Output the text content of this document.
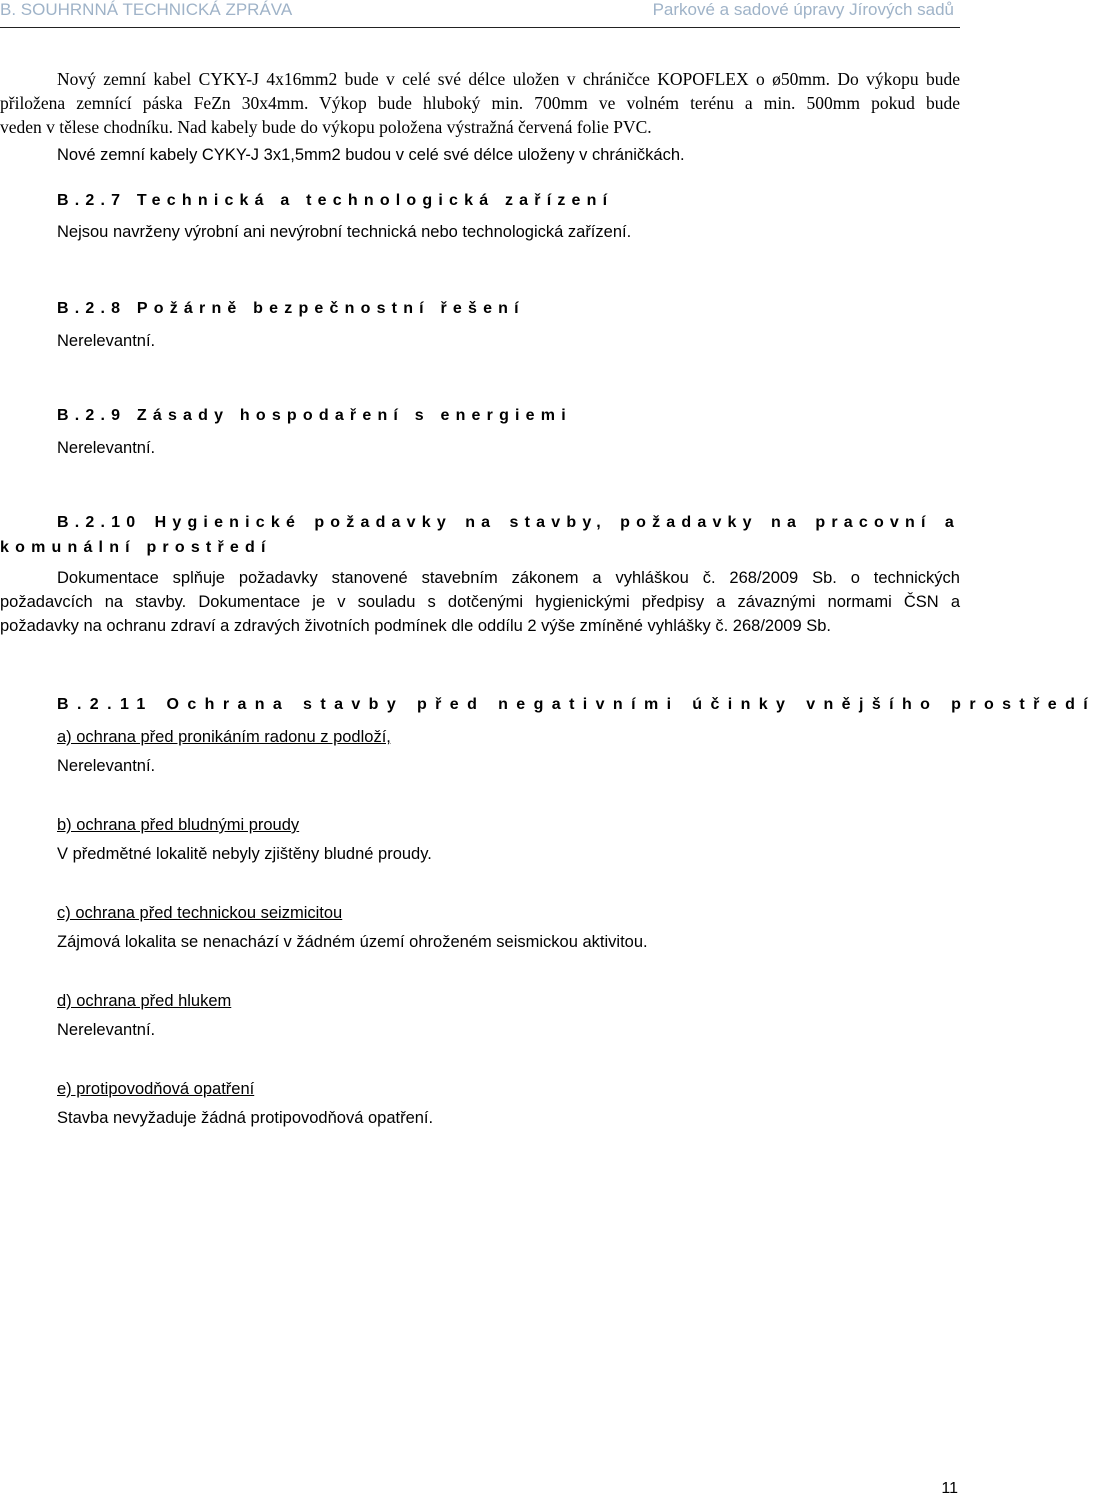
B. SOUHRNNÁ TECHNICKÁ ZPRÁVA	Parkové a sadové úpravy Jírových sadů
Nový zemní kabel CYKY-J 4x16mm2 bude v celé své délce uložen v chráničce KOPOFLEX o ø50mm. Do výkopu bude
přiložena zemnící páska FeZn 30x4mm. Výkop bude hluboký min. 700mm ve volném terénu a min. 500mm pokud bude
veden v tělese chodníku. Nad kabely bude do výkopu položena výstražná červená folie PVC.
Nové zemní kabely CYKY-J 3x1,5mm2 budou v celé své délce uloženy v chráničkách.
B.2.7 Technická a technologická zařízení
Nejsou navrženy výrobní ani nevýrobní technická nebo technologická zařízení.
B.2.8 Požárně bezpečnostní řešení
Nerelevantní.
B.2.9 Zásady hospodaření s energiemi
Nerelevantní.
B.2.10 Hygienické požadavky na stavby, požadavky na pracovní a
komunální prostředí
Dokumentace splňuje požadavky stanovené stavebním zákonem a vyhláškou č. 268/2009 Sb. o technických
požadavcích na stavby. Dokumentace je v souladu s dotčenými hygienickými předpisy a závaznými normami ČSN a
požadavky na ochranu zdraví a zdravých životních podmínek dle oddílu 2 výše zmíněné vyhlášky č. 268/2009 Sb.
B.2.11 Ochrana stavby před negativními účinky vnějšího prostředí
a) ochrana před pronikáním radonu z podloží,
Nerelevantní.
b) ochrana před bludnými proudy
V předmětné lokalitě nebyly zjištěny bludné proudy.
c) ochrana před technickou seizmicitou
Zájmová lokalita se nenachází v žádném území ohroženém seismickou aktivitou.
d) ochrana před hlukem
Nerelevantní.
e) protipovodňová opatření
Stavba nevyžaduje žádná protipovodňová opatření.
11
